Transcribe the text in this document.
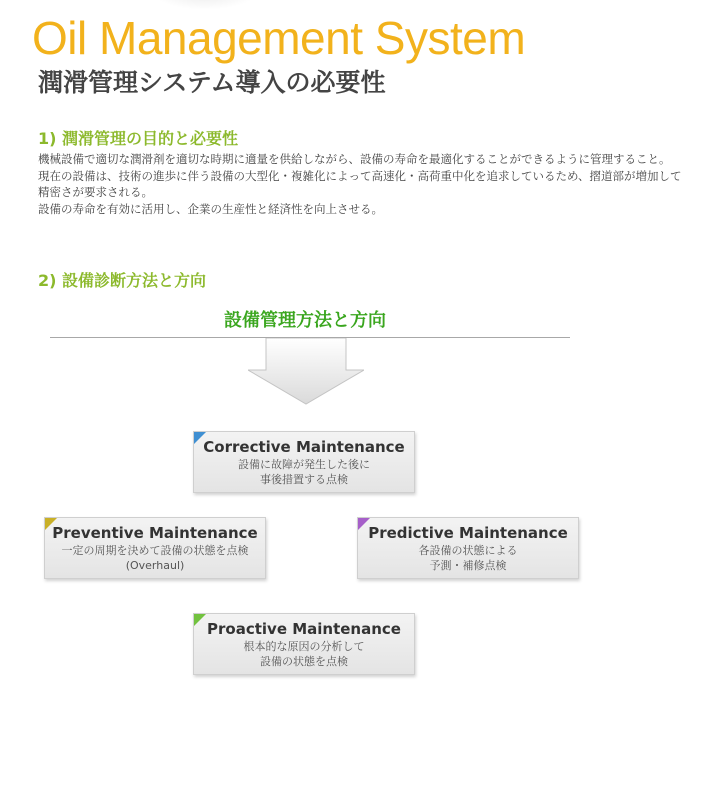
Oil Management System
潤滑管理システム導入の必要性
1) 潤滑管理の目的と必要性

機械設備で適切な潤滑剤を適切な時期に適量を供給しながら、設備の寿命を最適化することができるように管理すること。

現在の設備は、技術の進歩に伴う設備の大型化・複雑化によって高速化・高荷重中化を追求しているため、摺道部が増加して精密さが要求される。

設備の寿命を有効に活用し、企業の生産性と経済性を向上させる。

2) 設備診断方法と方向
設備管理方法と方向
Corrective Maintenance
設備に故障が発生した後に
事後措置する点検
Preventive Maintenance
一定の周期を決めて設備の状態を点検
(Overhaul)
Predictive Maintenance
各設備の状態による
予測・補修点検
Proactive Maintenance
根本的な原因の分析して
設備の状態を点検
